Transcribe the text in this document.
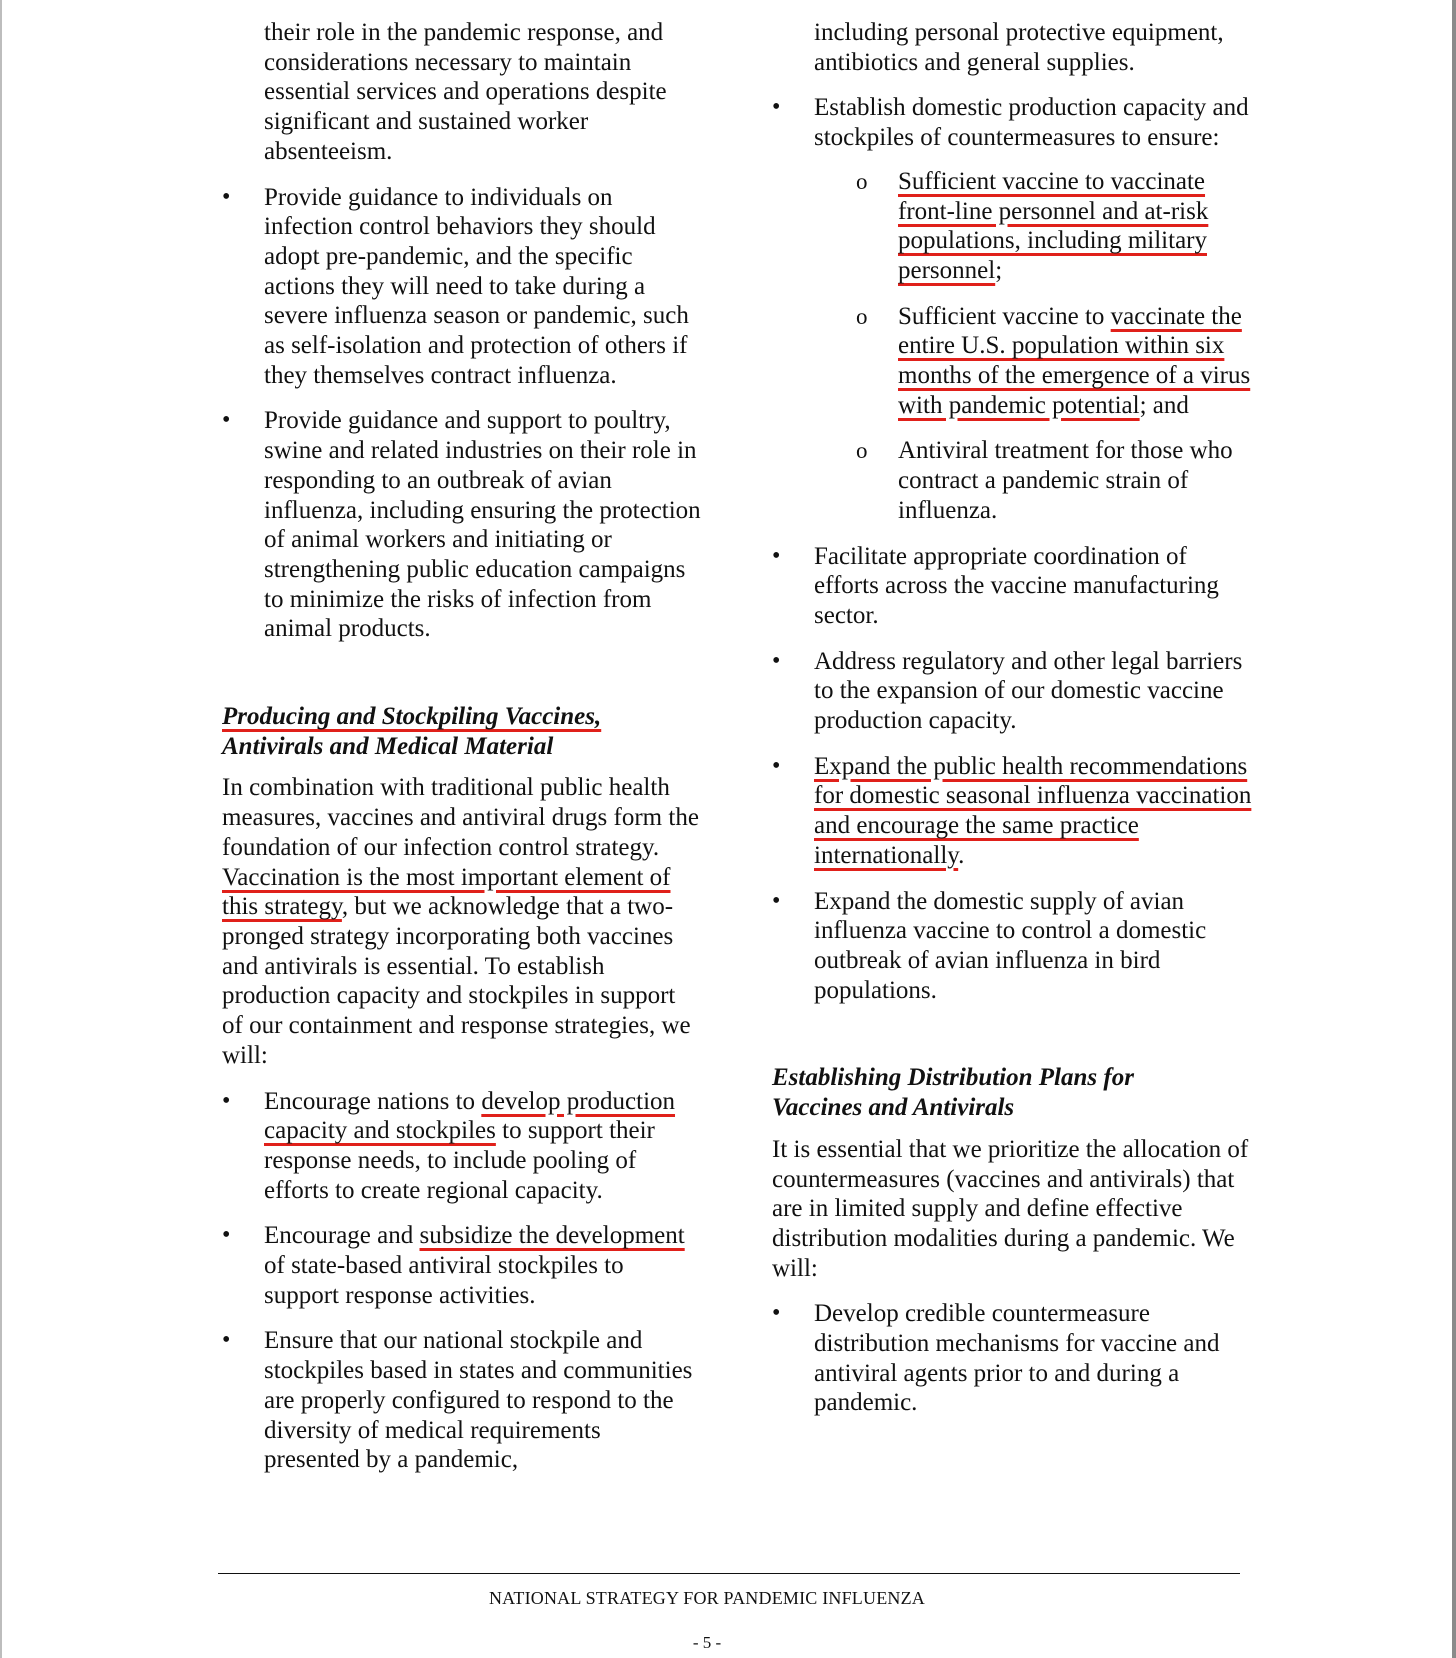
their role in the pandemic response, and considerations necessary to maintain essential services and operations despite significant and sustained worker absenteeism.

• Provide guidance to individuals on infection control behaviors they should adopt pre-pandemic, and the specific actions they will need to take during a severe influenza season or pandemic, such as self-isolation and protection of others if they themselves contract influenza.
• Provide guidance and support to poultry, swine and related industries on their role in responding to an outbreak of avian influenza, including ensuring the protection of animal workers and initiating or strengthening public education campaigns to minimize the risks of infection from animal products.
Producing and Stockpiling Vaccines,
Antivirals and Medical Material

In combination with traditional public health measures, vaccines and antiviral drugs form the foundation of our infection control strategy. Vaccination is the most important element of this strategy, but we acknowledge that a two-pronged strategy incorporating both vaccines and antivirals is essential. To establish production capacity and stockpiles in support of our containment and response strategies, we will:

• Encourage nations to develop production capacity and stockpiles to support their response needs, to include pooling of efforts to create regional capacity.
• Encourage and subsidize the development of state-based antiviral stockpiles to support response activities.
• Ensure that our national stockpile and stockpiles based in states and communities are properly configured to respond to the diversity of medical requirements presented by a pandemic,

including personal protective equipment, antibiotics and general supplies.

• Establish domestic production capacity and stockpiles of countermeasures to ensure:
o Sufficient vaccine to vaccinate front-line personnel and at-risk populations, including military personnel;
o Sufficient vaccine to vaccinate the entire U.S. population within six months of the emergence of a virus with pandemic potential; and
o Antiviral treatment for those who contract a pandemic strain of influenza.
• Facilitate appropriate coordination of efforts across the vaccine manufacturing sector.
• Address regulatory and other legal barriers to the expansion of our domestic vaccine production capacity.
• Expand the public health recommendations for domestic seasonal influenza vaccination and encourage the same practice internationally.
• Expand the domestic supply of avian influenza vaccine to control a domestic outbreak of avian influenza in bird populations.
Establishing Distribution Plans for
Vaccines and Antivirals

It is essential that we prioritize the allocation of countermeasures (vaccines and antivirals) that are in limited supply and define effective distribution modalities during a pandemic. We will:

• Develop credible countermeasure distribution mechanisms for vaccine and antiviral agents prior to and during a pandemic.
NATIONAL STRATEGY FOR PANDEMIC INFLUENZA
- 5 -
